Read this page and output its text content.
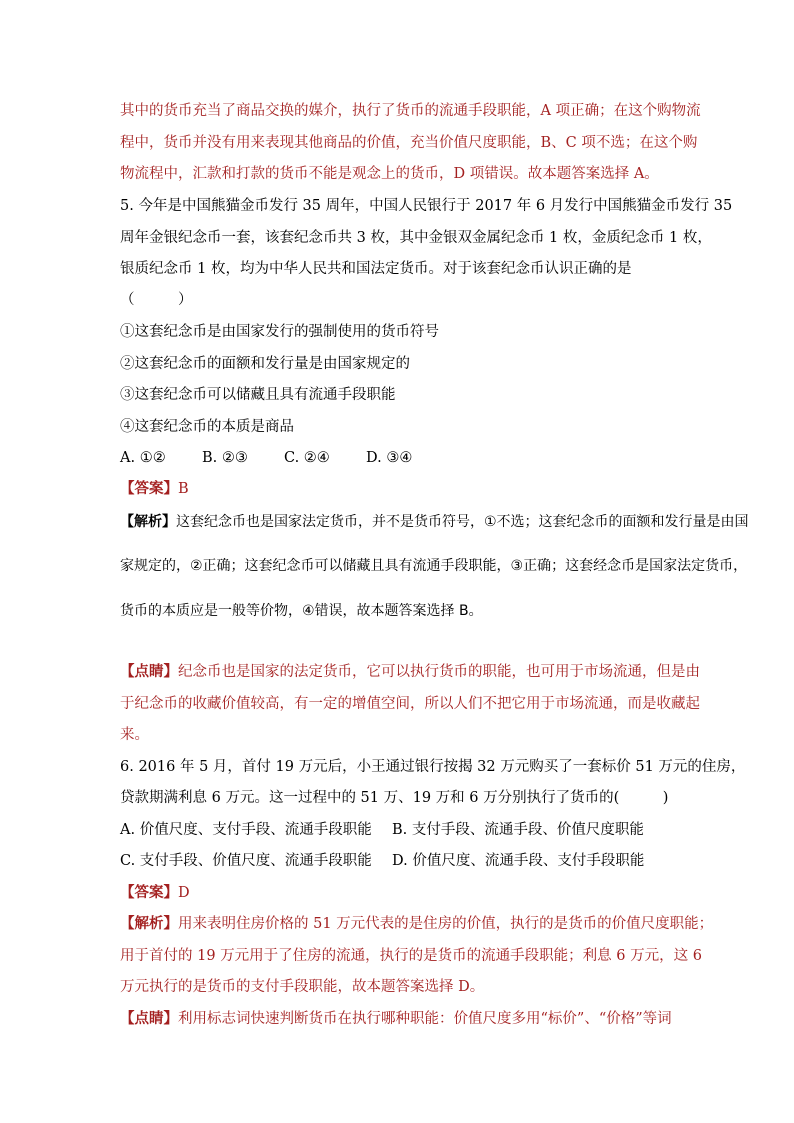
其中的货币充当了商品交换的媒介，执行了货币的流通手段职能，A 项正确；在这个购物流
程中，货币并没有用来表现其他商品的价值，充当价值尺度职能，B、C 项不选；在这个购
物流程中，汇款和打款的货币不能是观念上的货币，D 项错误。故本题答案选择 A。
5. 今年是中国熊猫金币发行 35 周年，中国人民银行于 2017 年 6 月发行中国熊猫金币发行 35
周年金银纪念币一套，该套纪念币共 3 枚，其中金银双金属纪念币 1 枚，金质纪念币 1 枚，
银质纪念币 1 枚，均为中华人民共和国法定货币。对于该套纪念币认识正确的是
（　　　）
①这套纪念币是由国家发行的强制使用的货币符号
②这套纪念币的面额和发行量是由国家规定的
③这套纪念币可以储藏且具有流通手段职能
④这套纪念币的本质是商品
A. ①②	B. ②③ C. ②④ D. ③④
【答案】B
【解析】这套纪念币也是国家法定货币，并不是货币符号，①不选；这套纪念币的面额和发行量是由国
家规定的，②正确；这套纪念币可以储藏且具有流通手段职能，③正确；这套经念币是国家法定货币，
货币的本质应是一般等价物，④错误，故本题答案选择 B。
【点睛】纪念币也是国家的法定货币，它可以执行货币的职能，也可用于市场流通，但是由
于纪念币的收藏价值较高，有一定的增值空间，所以人们不把它用于市场流通，而是收藏起
来。
6. 2016 年 5 月，首付 19 万元后，小王通过银行按揭 32 万元购买了一套标价 51 万元的住房，
贷款期满利息 6 万元。这一过程中的 51 万、19 万和 6 万分别执行了货币的(　　　)
A. 价值尺度、支付手段、流通手段职能 B. 支付手段、流通手段、价值尺度职能
C. 支付手段、价值尺度、流通手段职能 D. 价值尺度、流通手段、支付手段职能
【答案】D
【解析】用来表明住房价格的 51 万元代表的是住房的价值，执行的是货币的价值尺度职能；
用于首付的 19 万元用于了住房的流通，执行的是货币的流通手段职能；利息 6 万元，这 6
万元执行的是货币的支付手段职能，故本题答案选择 D。
【点睛】利用标志词快速判断货币在执行哪种职能：价值尺度多用“标价”、“价格”等词
